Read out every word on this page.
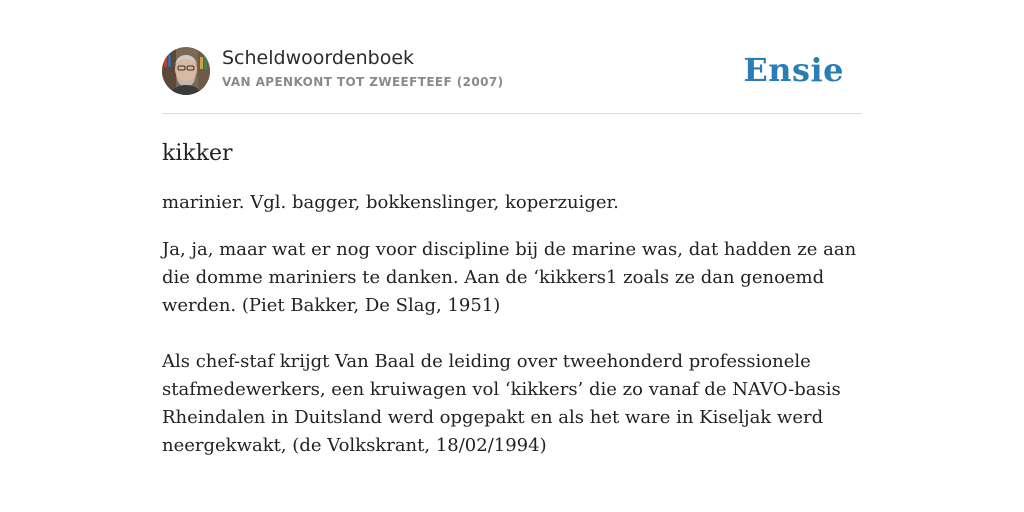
Scheldwoordenboek
VAN APENKONT TOT ZWEEFTEEF (2007)	Ensie
kikker
marinier. Vgl. bagger, bokkenslinger, koperzuiger.
Ja, ja, maar wat er nog voor discipline bij de marine was, dat hadden ze aan die domme mariniers te danken. Aan de ‘kikkers1 zoals ze dan genoemd werden. (Piet Bakker, De Slag, 1951)
Als chef-staf krijgt Van Baal de leiding over tweehonderd professionele stafmedewerkers, een kruiwagen vol ‘kikkers’ die zo vanaf de NAVO-basis Rheindalen in Duitsland werd opgepakt en als het ware in Kiseljak werd neergekwakt, (de Volkskrant, 18/02/1994)
